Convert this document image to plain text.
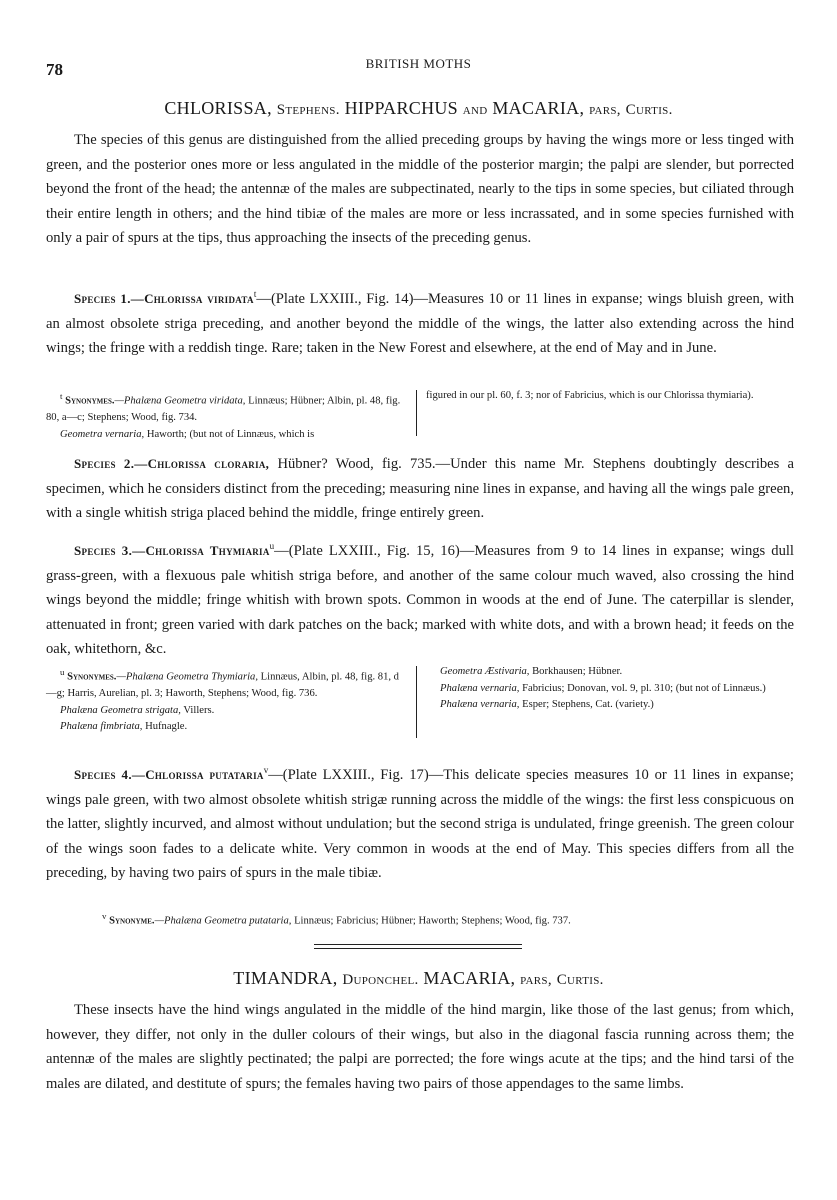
78	BRITISH MOTHS
CHLORISSA, Stephens. HIPPARCHUS and MACARIA, pars, Curtis.
The species of this genus are distinguished from the allied preceding groups by having the wings more or less tinged with green, and the posterior ones more or less angulated in the middle of the posterior margin; the palpi are slender, but porrected beyond the front of the head; the antennæ of the males are subpectinated, nearly to the tips in some species, but ciliated through their entire length in others; and the hind tibiæ of the males are more or less incrassated, and in some species furnished with only a pair of spurs at the tips, thus approaching the insects of the preceding genus.
Species 1.—Chlorissa viridata$^t$—(Plate LXXIII., Fig. 14)—Measures 10 or 11 lines in expanse; wings bluish green, with an almost obsolete striga preceding, and another beyond the middle of the wings, the latter also extending across the hind wings; the fringe with a reddish tinge. Rare; taken in the New Forest and elsewhere, at the end of May and in June.

$^t$ Synonymes.—Phalæna Geometra viridata, Linnæus; Hübner; Albin, pl. 48, fig. 80, a—c; Stephens; Wood, fig. 734.

Geometra vernaria, Haworth; (but not of Linnæus, which is

figured in our pl. 60, f. 3; nor of Fabricius, which is our Chlorissa thymiaria).
Species 2.—Chlorissa cloraria, Hübner? Wood, fig. 735.—Under this name Mr. Stephens doubtingly describes a specimen, which he considers distinct from the preceding; measuring nine lines in expanse, and having all the wings pale green, with a single whitish striga placed behind the middle, fringe entirely green.
Species 3.—Chlorissa Thymiaria$^u$—(Plate LXXIII., Fig. 15, 16)—Measures from 9 to 14 lines in expanse; wings dull grass-green, with a flexuous pale whitish striga before, and another of the same colour much waved, also crossing the hind wings beyond the middle; fringe whitish with brown spots. Common in woods at the end of June. The caterpillar is slender, attenuated in front; green varied with dark patches on the back; marked with white dots, and with a brown head; it feeds on the oak, whitethorn, &c.

$^u$ Synonymes.—Phalæna Geometra Thymiaria, Linnæus, Albin, pl. 48, fig. 81, d—g; Harris, Aurelian, pl. 3; Haworth, Stephens; Wood, fig. 736.

Phalæna Geometra strigata, Villers.

Phalæna fimbriata, Hufnagle.

Geometra Æstivaria, Borkhausen; Hübner.

Phalæna vernaria, Fabricius; Donovan, vol. 9, pl. 310; (but not of Linnæus.)

Phalæna vernaria, Esper; Stephens, Cat. (variety.)

Species 4.—Chlorissa putataria$^v$—(Plate LXXIII., Fig. 17)—This delicate species measures 10 or 11 lines in expanse; wings pale green, with two almost obsolete whitish strigæ running across the middle of the wings: the first less conspicuous on the latter, slightly incurved, and almost without undulation; but the second striga is undulated, fringe greenish. The green colour of the wings soon fades to a delicate white. Very common in woods at the end of May. This species differs from all the preceding, by having two pairs of spurs in the male tibiæ.

$^v$ Synonyme.—Phalæna Geometra putataria, Linnæus; Fabricius; Hübner; Haworth; Stephens; Wood, fig. 737.

TIMANDRA, Duponchel. MACARIA, pars, Curtis.
These insects have the hind wings angulated in the middle of the hind margin, like those of the last genus; from which, however, they differ, not only in the duller colours of their wings, but also in the diagonal fascia running across them; the antennæ of the males are slightly pectinated; the palpi are porrected; the fore wings acute at the tips; and the hind tarsi of the males are dilated, and destitute of spurs; the females having two pairs of those appendages to the same limbs.
